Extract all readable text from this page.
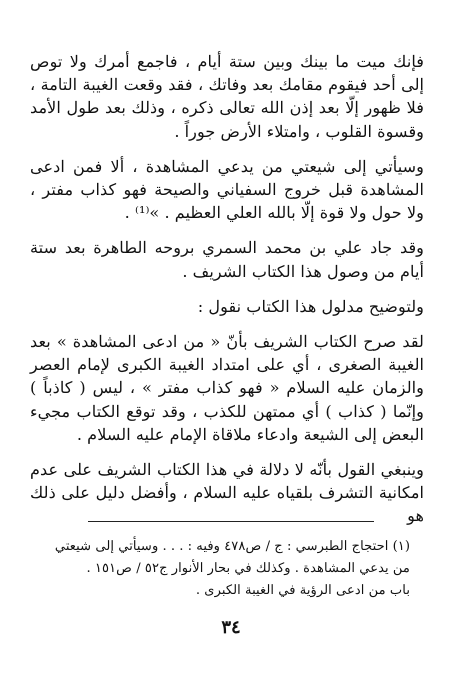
فإنك ميت ما بينك وبين ستة أيام ، فاجمع أمرك ولا توص إلى أحد فيقوم مقامك بعد وفاتك ، فقد وقعت الغيبة التامة ، فلا ظهور إلّا بعد إذن الله تعالى ذكره ، وذلك بعد طول الأمد وقسوة القلوب ، وامتلاء الأرض جوراً .

وسيأتي إلى شيعتي من يدعي المشاهدة ، ألا فمن ادعى المشاهدة قبل خروج السفياني والصيحة فهو كذاب مفتر ، ولا حول ولا قوة إلّا بالله العلي العظيم . »⁽¹⁾ .

وقد جاد علي بن محمد السمري بروحه الطاهرة بعد ستة أيام من وصول هذا الكتاب الشريف .

ولتوضيح مدلول هذا الكتاب نقول :

لقد صرح الكتاب الشريف بأنّ « من ادعى المشاهدة » بعد الغيبة الصغرى ، أي على امتداد الغيبة الكبرى لإمام العصر والزمان عليه السلام « فهو كذاب مفتر » ، ليس ( كاذباً ) وإنّما ( كذاب ) أي ممتهن للكذب ، وقد توقع الكتاب مجيء البعض إلى الشيعة وادعاء ملاقاة الإمام عليه السلام .

وينبغي القول بأنّه لا دلالة في هذا الكتاب الشريف على عدم امكانية التشرف بلقياه عليه السلام ، وأفضل دليل على ذلك هو

(١) احتجاج الطبرسي : ج / ص٤٧٨ وفيه : . . . وسيأتي إلى شيعتي من يدعي المشاهدة . وكذلك في بحار الأنوار ج٥٢ / ص١٥١ .

باب من ادعى الرؤية في الغيبة الكبرى .

٣٤
